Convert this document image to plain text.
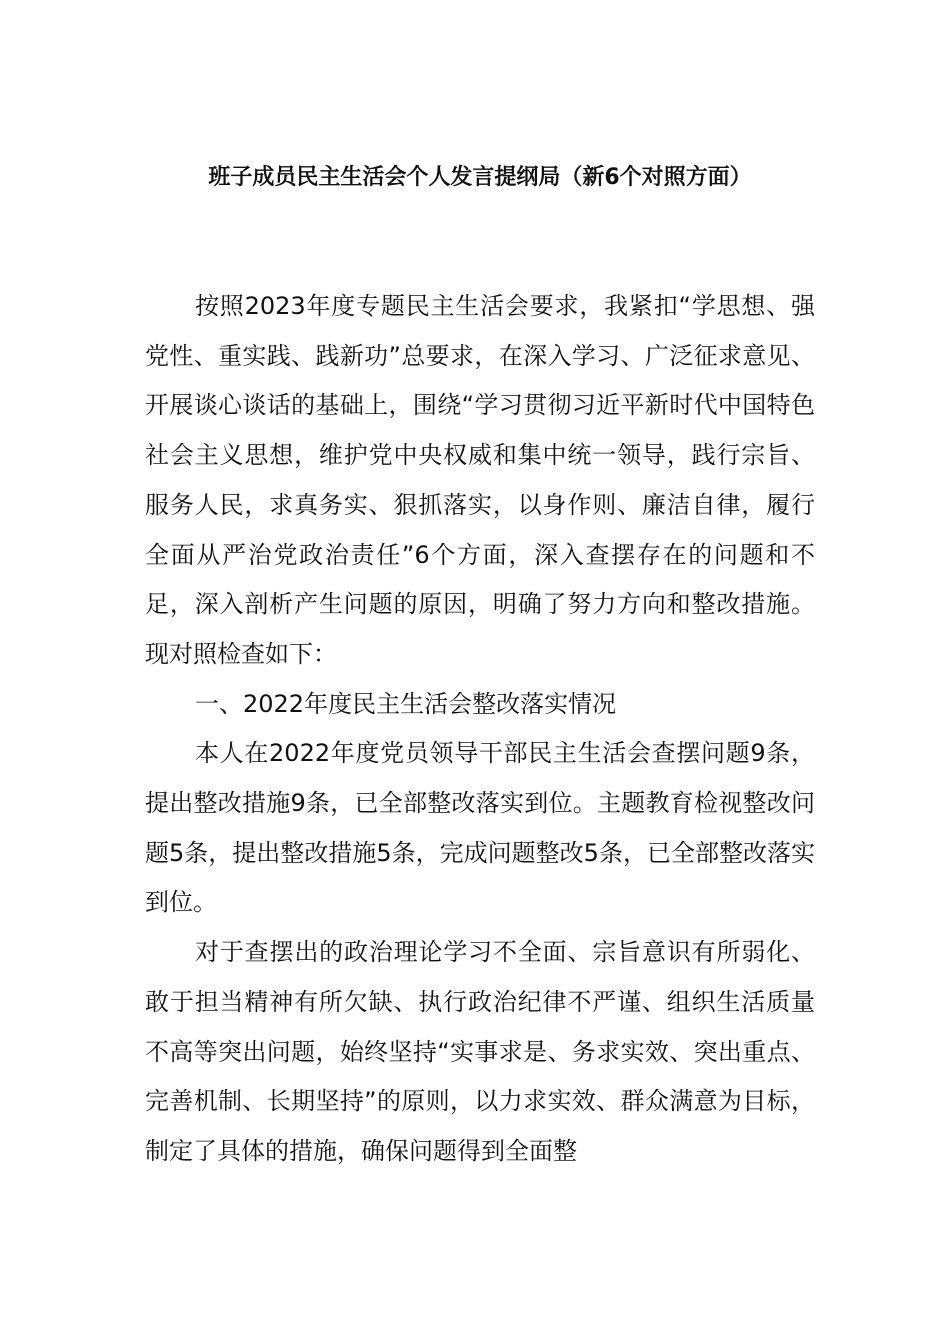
班子成员民主生活会个人发言提纲局（新6个对照方面）

按照2023年度专题民主生活会要求，我紧扣“学思想、强党性、重实践、践新功”总要求，在深入学习、广泛征求意见、开展谈心谈话的基础上，围绕“学习贯彻习近平新时代中国特色社会主义思想，维护党中央权威和集中统一领导，践行宗旨、服务人民，求真务实、狠抓落实，以身作则、廉洁自律，履行全面从严治党政治责任”6个方面，深入查摆存在的问题和不足，深入剖析产生问题的原因，明确了努力方向和整改措施。现对照检查如下：

一、2022年度民主生活会整改落实情况

本人在2022年度党员领导干部民主生活会查摆问题9条，提出整改措施9条，已全部整改落实到位。主题教育检视整改问题5条，提出整改措施5条，完成问题整改5条，已全部整改落实到位。

对于查摆出的政治理论学习不全面、宗旨意识有所弱化、敢于担当精神有所欠缺、执行政治纪律不严谨、组织生活质量不高等突出问题，始终坚持“实事求是、务求实效、突出重点、完善机制、长期坚持”的原则，以力求实效、群众满意为目标，制定了具体的措施，确保问题得到全面整
